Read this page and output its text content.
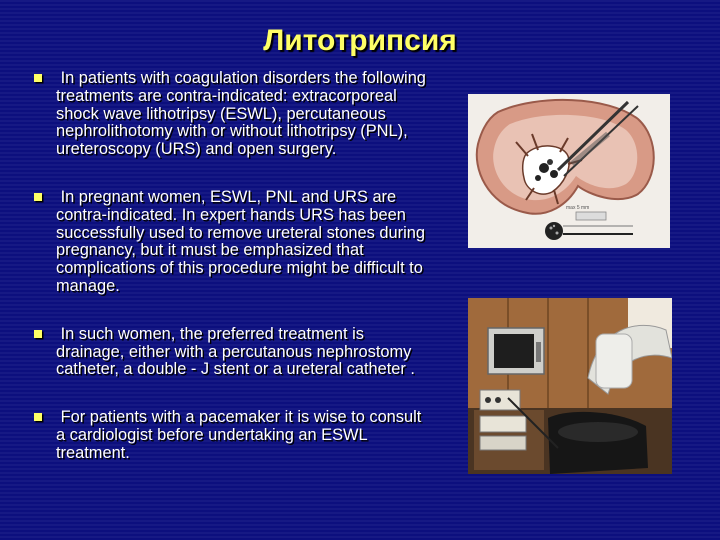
Литотрипсия
In patients with coagulation disorders the following treatments are contra-indicated: extracorporeal shock wave lithotripsy (ESWL), percutaneous nephrolithotomy with or without lithotripsy (PNL), ureteroscopy (URS) and open surgery.
In pregnant women, ESWL, PNL and URS are contra-indicated. In expert hands URS has been successfully used to remove ureteral stones during pregnancy, but it must be emphasized that complications of this procedure might be difficult to manage.
In such women, the preferred treatment is drainage, either with a percutanous nephrostomy catheter, a double - J stent or a ureteral catheter .
For patients with a pacemaker it is wise to consult a cardiologist before undertaking an ESWL treatment.
max 5 mm
